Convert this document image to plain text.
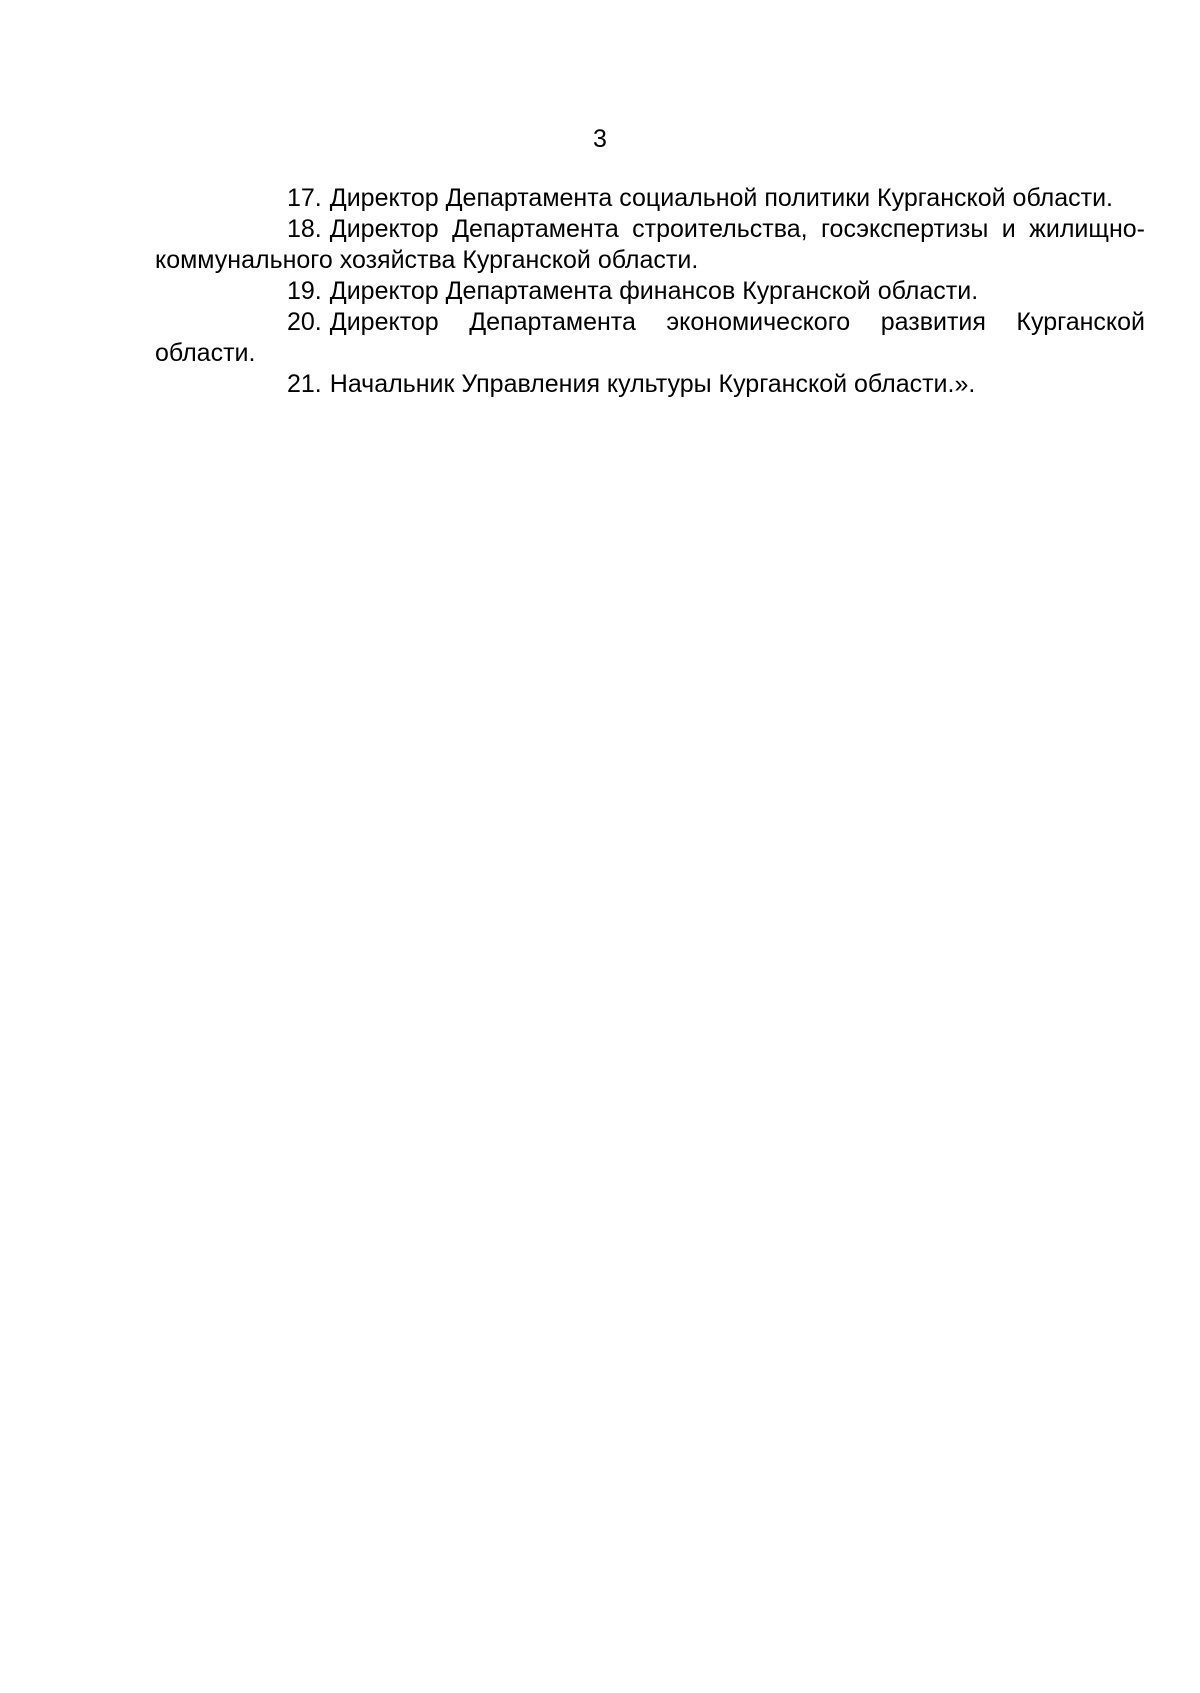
3

17. Директор Департамента социальной политики Курганской области.

18. Директор Департамента строительства, госэкспертизы и жилищно-коммунального хозяйства Курганской области.

19. Директор Департамента финансов Курганской области.

20. Директор Департамента экономического развития Курганской области.

21. Начальник Управления культуры Курганской области.».
